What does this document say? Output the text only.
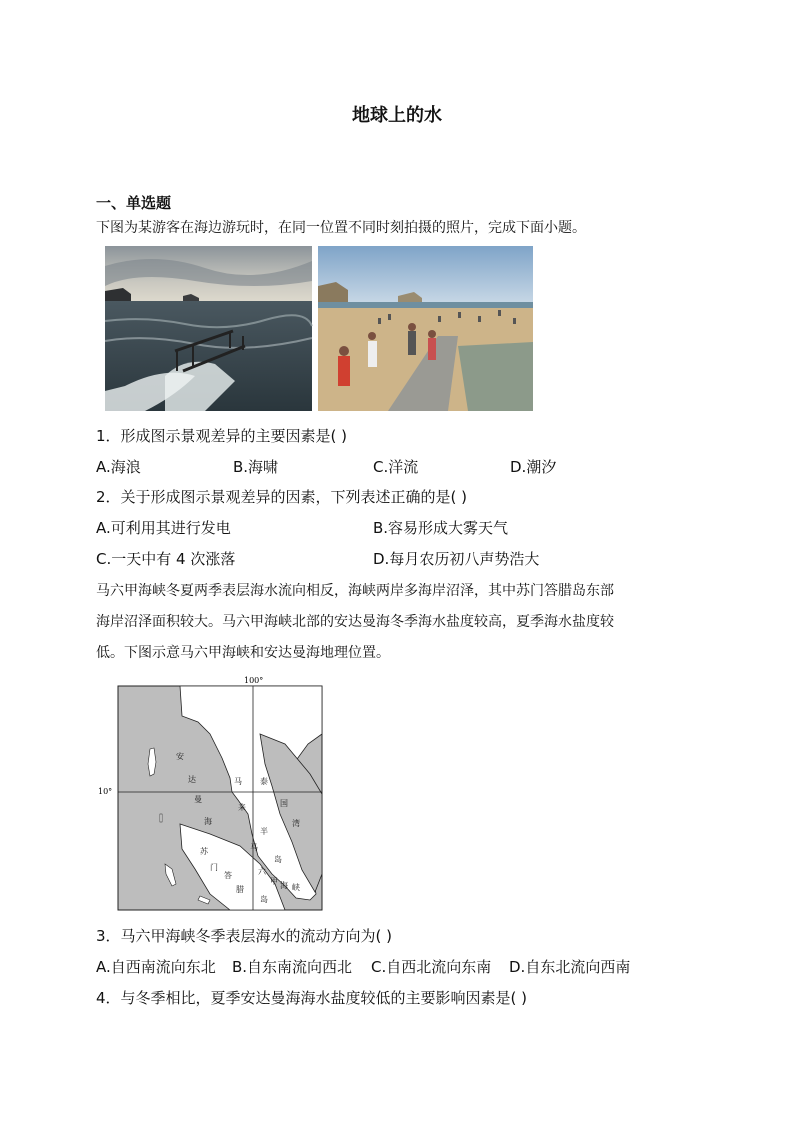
地球上的水
一、单选题
下图为某游客在海边游玩时，在同一位置不同时刻拍摄的照片，完成下面小题。
1．形成图示景观差异的主要因素是( )
A.海浪	B.海啸	C.洋流	D.潮汐
2．关于形成图示景观差异的因素，下列表述正确的是( )
A.可利用其进行发电	B.容易形成大雾天气
C.一天中有 4 次涨落	D.每月农历初八声势浩大
马六甲海峡冬夏两季表层海水流向相反，海峡两岸多海岸沼泽，其中苏门答腊岛东部
海岸沼泽面积较大。马六甲海峡北部的安达曼海冬季海水盐度较高，夏季海水盐度较
低。下图示意马六甲海峡和安达曼海地理位置。
100°
10°
安
达
曼
海
马
来
半
岛
泰
国
湾
苏
门
答
腊
马
六
甲 海 峡
岛
3．马六甲海峡冬季表层海水的流动方向为( )
A.自西南流向东北 B.自东南流向西北 C.自西北流向东南 D.自东北流向西南
4．与冬季相比，夏季安达曼海海水盐度较低的主要影响因素是( )
